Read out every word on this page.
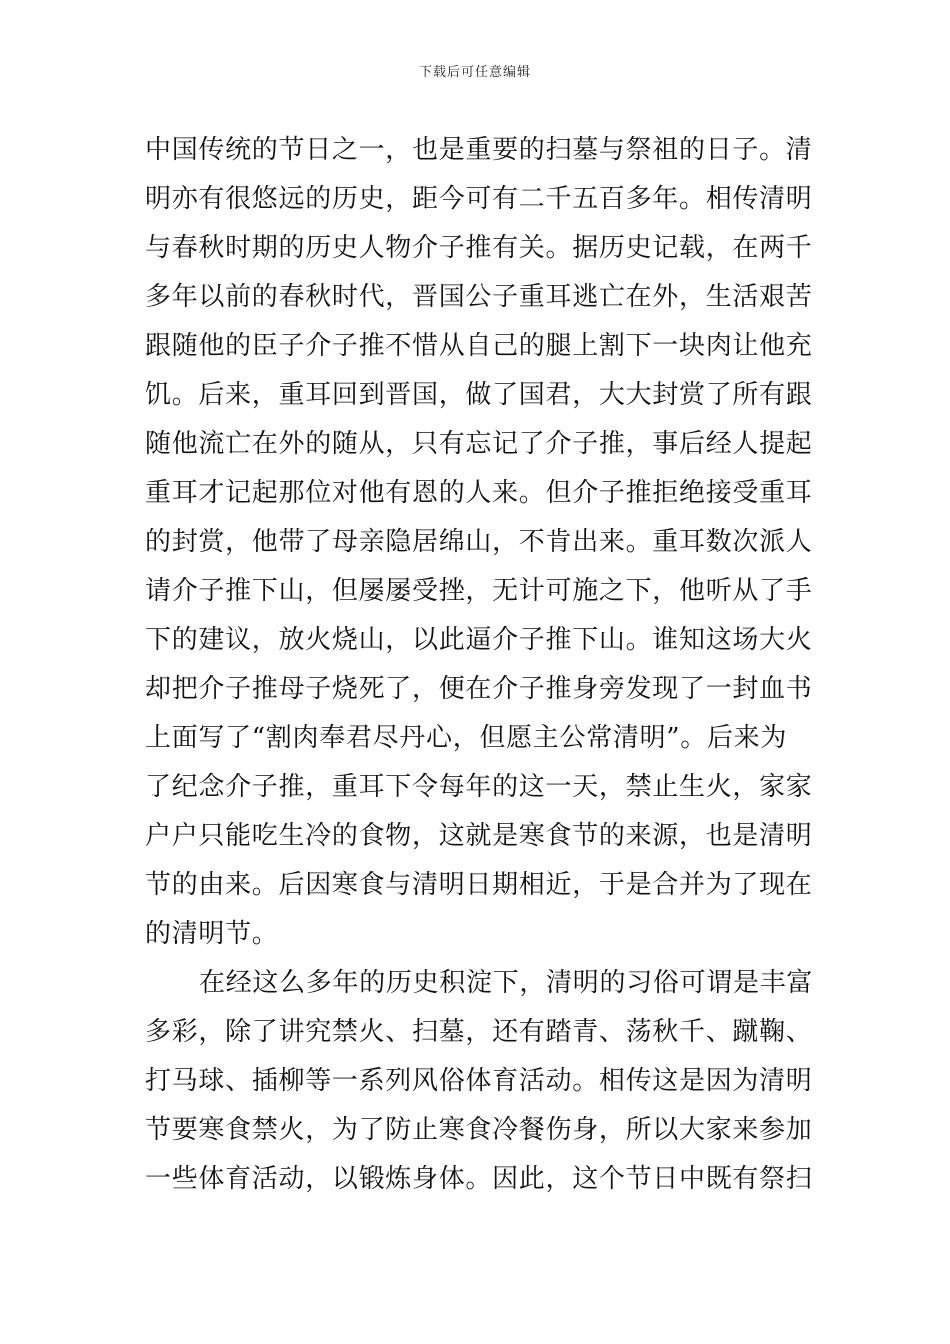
下载后可任意编辑
中国传统的节日之一，也是重要的扫墓与祭祖的日子。清
明亦有很悠远的历史，距今可有二千五百多年。相传清明
与春秋时期的历史人物介子推有关。据历史记载，在两千
多年以前的春秋时代，晋国公子重耳逃亡在外，生活艰苦
跟随他的臣子介子推不惜从自己的腿上割下一块肉让他充
饥。后来，重耳回到晋国，做了国君，大大封赏了所有跟
随他流亡在外的随从，只有忘记了介子推，事后经人提起
重耳才记起那位对他有恩的人来。但介子推拒绝接受重耳
的封赏，他带了母亲隐居绵山，不肯出来。重耳数次派人
请介子推下山，但屡屡受挫，无计可施之下，他听从了手
下的建议，放火烧山，以此逼介子推下山。谁知这场大火
却把介子推母子烧死了，便在介子推身旁发现了一封血书
上面写了“割肉奉君尽丹心，但愿主公常清明”。后来为
了纪念介子推，重耳下令每年的这一天，禁止生火，家家
户户只能吃生冷的食物，这就是寒食节的来源，也是清明
节的由来。后因寒食与清明日期相近，于是合并为了现在
的清明节。
在经这么多年的历史积淀下，清明的习俗可谓是丰富
多彩，除了讲究禁火、扫墓，还有踏青、荡秋千、蹴鞠、
打马球、插柳等一系列风俗体育活动。相传这是因为清明
节要寒食禁火，为了防止寒食冷餐伤身，所以大家来参加
一些体育活动，以锻炼身体。因此，这个节日中既有祭扫
